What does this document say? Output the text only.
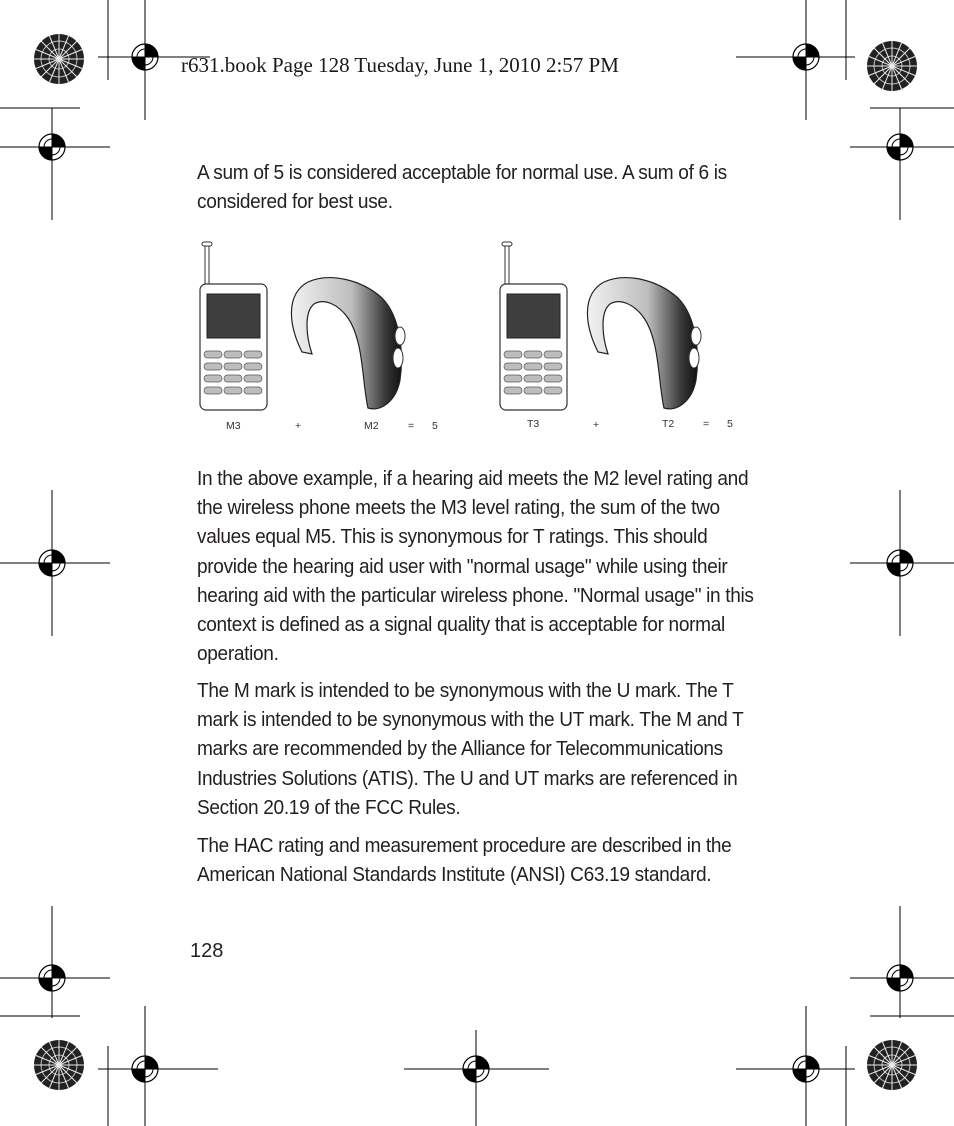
r631.book Page 128 Tuesday, June 1, 2010 2:57 PM

A sum of 5 is considered acceptable for normal use. A sum of 6 is
considered for best use.

M3	+	M2	= 5	T3	+	T2	= 5

In the above example, if a hearing aid meets the M2 level rating and
the wireless phone meets the M3 level rating, the sum of the two
values equal M5. This is synonymous for T ratings. This should
provide the hearing aid user with "normal usage" while using their
hearing aid with the particular wireless phone. "Normal usage" in this
context is defined as a signal quality that is acceptable for normal
operation.

The M mark is intended to be synonymous with the U mark. The T
mark is intended to be synonymous with the UT mark. The M and T
marks are recommended by the Alliance for Telecommunications
Industries Solutions (ATIS). The U and UT marks are referenced in
Section 20.19 of the FCC Rules.

The HAC rating and measurement procedure are described in the
American National Standards Institute (ANSI) C63.19 standard.

128
